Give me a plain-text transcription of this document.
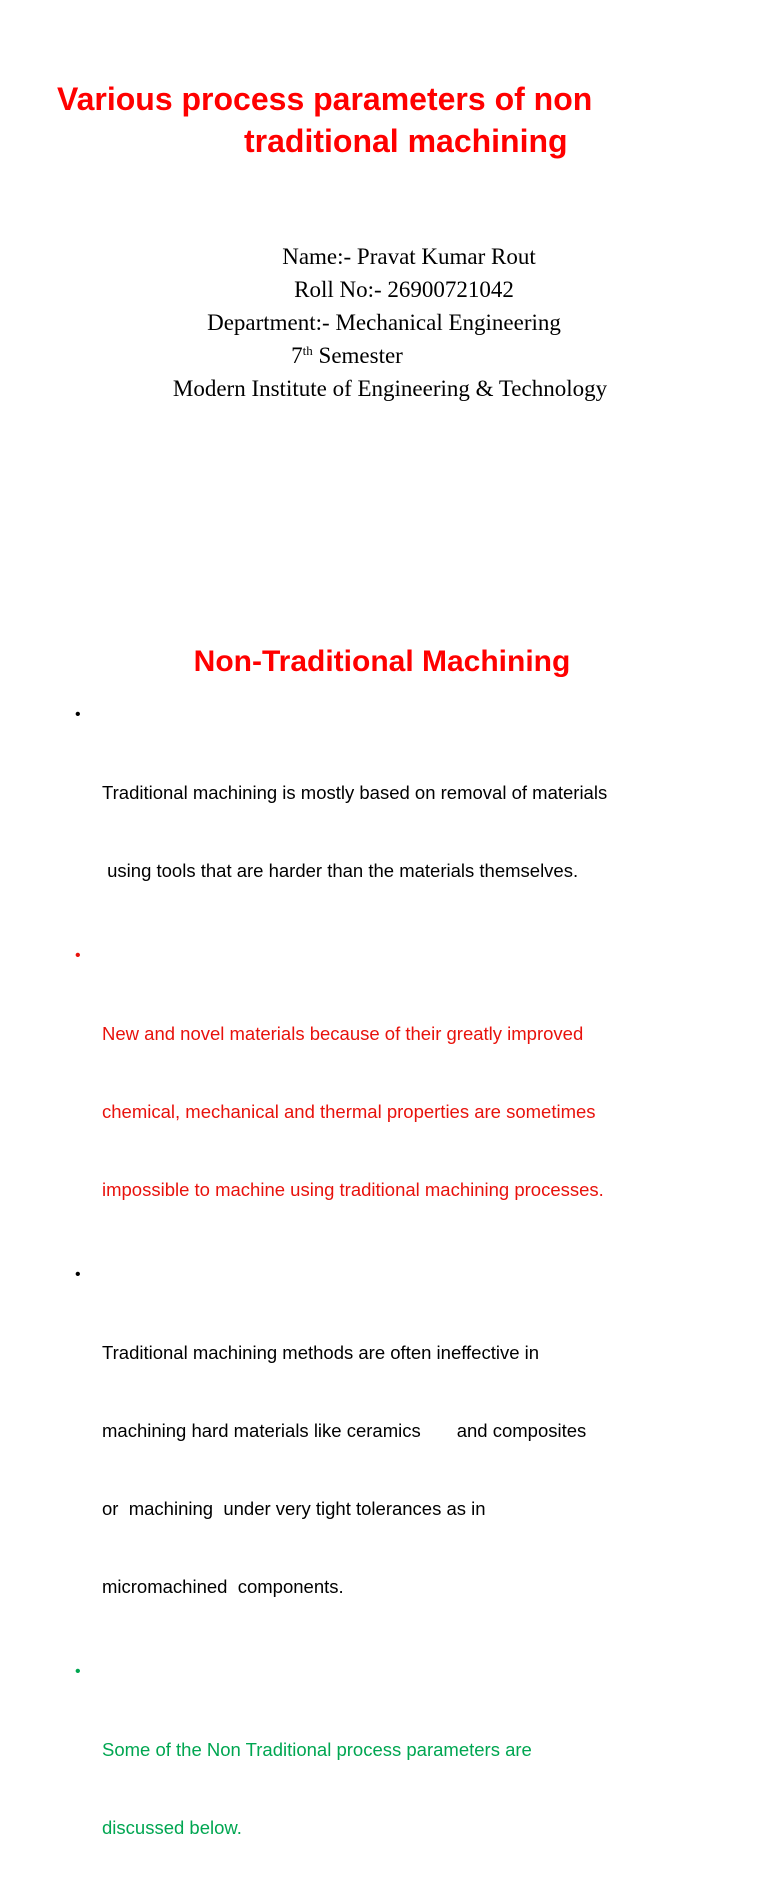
Various process parameters of non
traditional machining
Name:- Pravat Kumar Rout
Roll No:- 26900721042
Department:- Mechanical Engineering
7th Semester
Modern Institute of Engineering & Technology
Non-Traditional Machining

•

Traditional machining is mostly based on removal of materials

using tools that are harder than the materials themselves.

•

New and novel materials because of their greatly improved

chemical, mechanical and thermal properties are sometimes

impossible to machine using traditional machining processes.

•

Traditional machining methods are often ineffective in

machining hard materials like ceramics       and composites

or  machining  under very tight tolerances as in

micromachined  components.

•

Some of the Non Traditional process parameters are

discussed below.
